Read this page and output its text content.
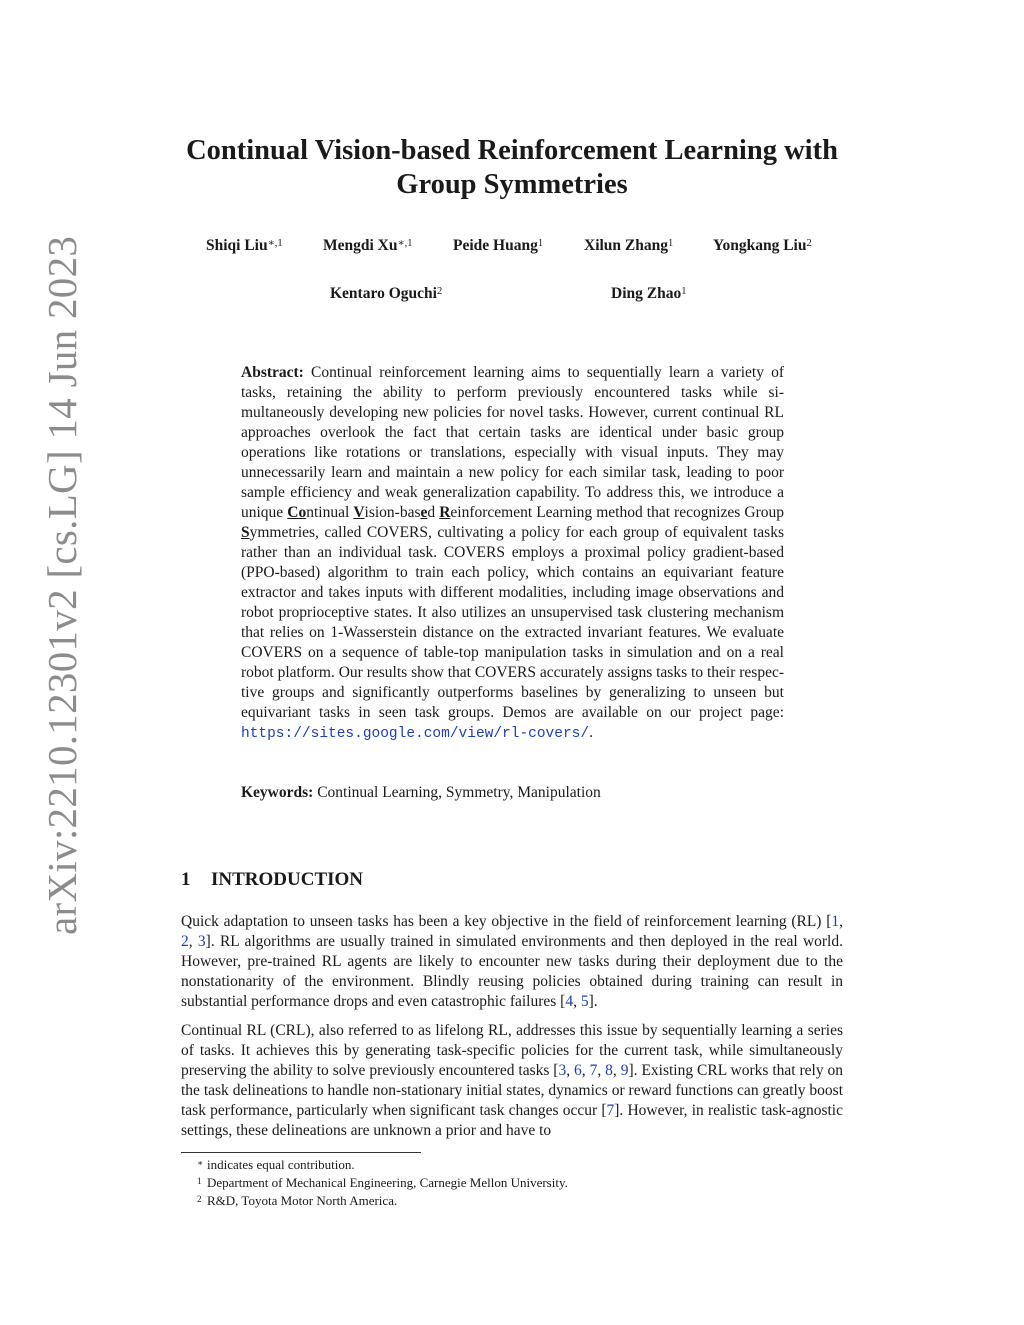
arXiv:2210.12301v2 [cs.LG] 14 Jun 2023
Continual Vision-based Reinforcement Learning with
Group Symmetries
Shiqi Liu$^{∗,1}$	Mengdi $Xu^{∗,1}$	Peide Huang$^1$	Xilun Zhang$^1$	Yongkang Liu$^2$
Kentaro Oguchi$^2$	Ding Zhao$^1$
Abstract: Continual reinforcement learning aims to sequentially learn a variety of tasks, retaining the ability to perform previously encountered tasks while simultaneously developing new policies for novel tasks. However, current continual RL approaches overlook the fact that certain tasks are identical under basic group operations like rotations or translations, especially with visual inputs. They may unnecessarily learn and maintain a new policy for each similar task, leading to poor sample efficiency and weak generalization capability. To address this, we introduce a unique Continual Vision-based Reinforcement Learning method that recognizes Group Symmetries, called COVERS, cultivating a policy for each group of equivalent tasks rather than an individual task. COVERS employs a proximal policy gradient-based (PPO-based) algorithm to train each policy, which contains an equivariant feature extractor and takes inputs with different modalities, including image observations and robot proprioceptive states. It also utilizes an unsupervised task clustering mechanism that relies on 1-Wasserstein distance on the extracted invariant features. We evaluate COVERS on a sequence of table-top manipulation tasks in simulation and on a real robot platform. Our results show that COVERS accurately assigns tasks to their respective groups and significantly outperforms baselines by generalizing to unseen but equivariant tasks in seen task groups. Demos are available on our project page: https://sites.google.com/view/rl-covers/.
Keywords: Continual Learning, Symmetry, Manipulation
1 INTRODUCTION
Quick adaptation to unseen tasks has been a key objective in the field of reinforcement learning (RL) [1, 2, 3]. RL algorithms are usually trained in simulated environments and then deployed in the real world. However, pre-trained RL agents are likely to encounter new tasks during their deployment due to the nonstationarity of the environment. Blindly reusing policies obtained during training can result in substantial performance drops and even catastrophic failures [4, 5].
Continual RL (CRL), also referred to as lifelong RL, addresses this issue by sequentially learning a series of tasks. It achieves this by generating task-specific policies for the current task, while simultaneously preserving the ability to solve previously encountered tasks [3, 6, 7, 8, 9]. Existing CRL works that rely on the task delineations to handle non-stationary initial states, dynamics or reward functions can greatly boost task performance, particularly when significant task changes occur [7]. However, in realistic task-agnostic settings, these delineations are unknown a prior and have to
∗ indicates equal contribution.
1 Department of Mechanical Engineering, Carnegie Mellon University.
2 R&D, Toyota Motor North America.
